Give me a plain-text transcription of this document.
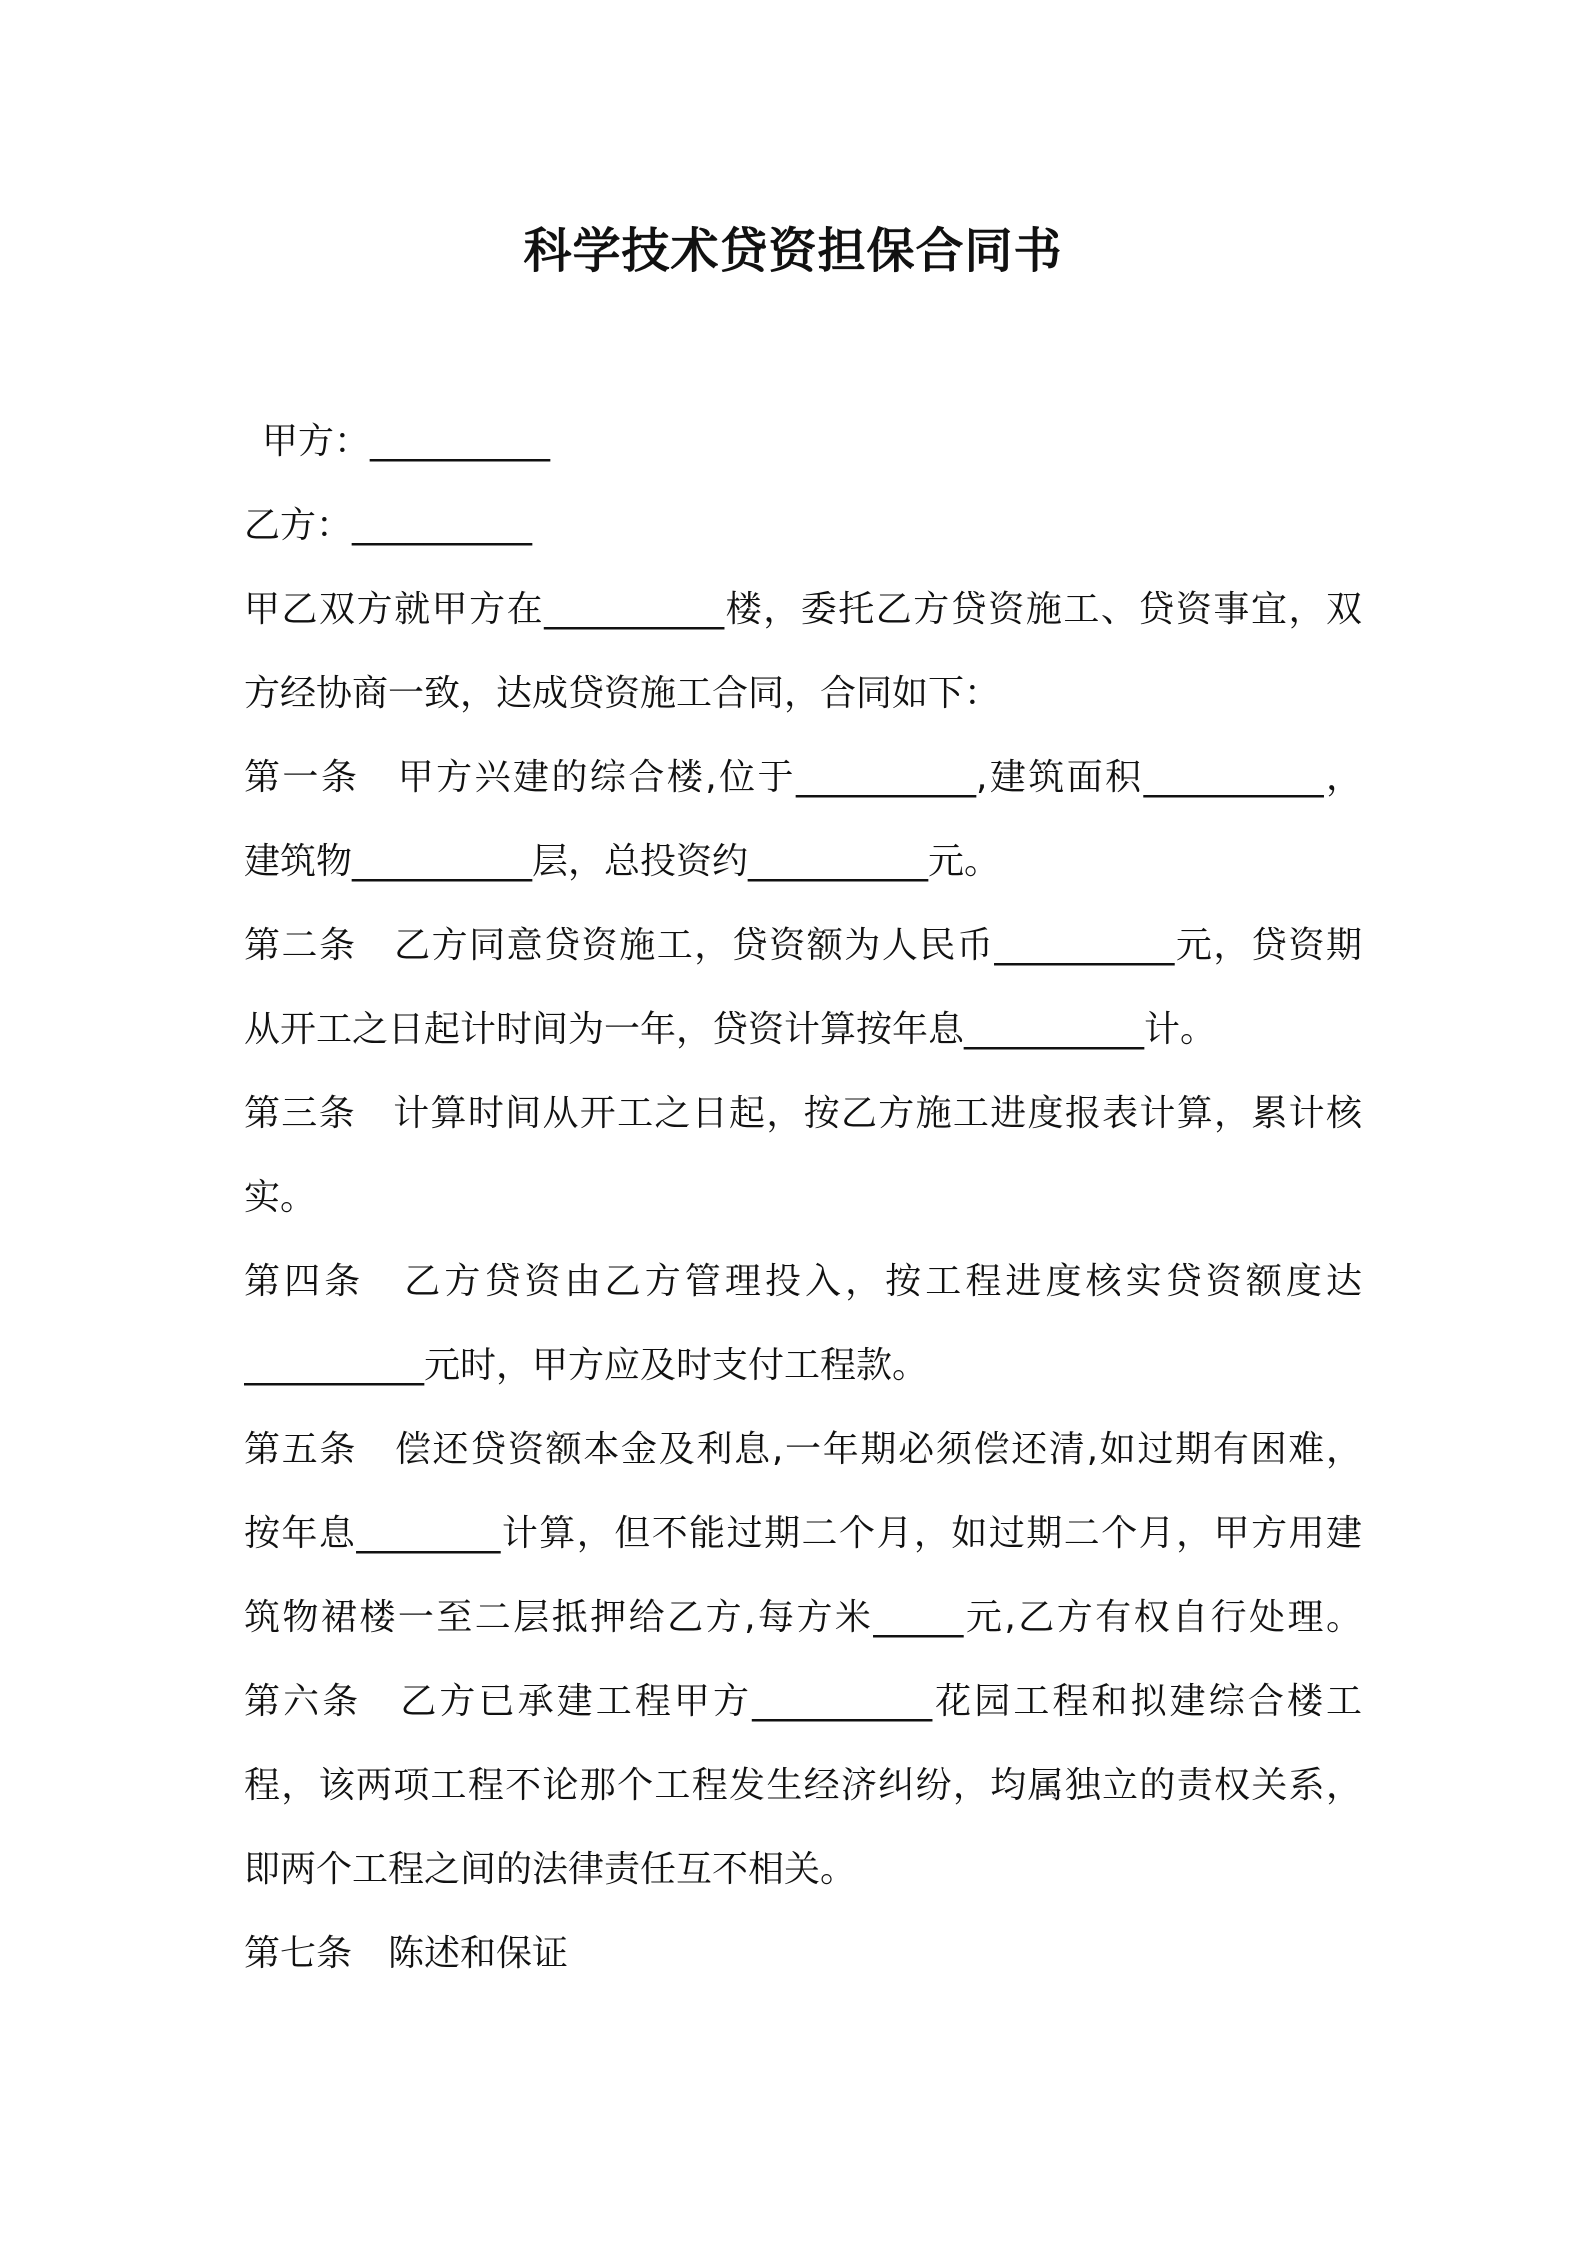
科学技术贷资担保合同书
甲方：__________
乙方：__________
甲乙双方就甲方在__________楼，委托乙方贷资施工、贷资事宜，双
方经协商一致，达成贷资施工合同，合同如下：
第一条　甲方兴建的综合楼,位于__________,建筑面积__________，
建筑物__________层，总投资约__________元。
第二条　乙方同意贷资施工，贷资额为人民币__________元，贷资期
从开工之日起计时间为一年，贷资计算按年息__________计。
第三条　计算时间从开工之日起，按乙方施工进度报表计算，累计核
实。
第四条　乙方贷资由乙方管理投入，按工程进度核实贷资额度达
__________元时，甲方应及时支付工程款。
第五条　偿还贷资额本金及利息,一年期必须偿还清,如过期有困难，
按年息________计算，但不能过期二个月，如过期二个月，甲方用建
筑物裙楼一至二层抵押给乙方,每方米_____元,乙方有权自行处理。
第六条　乙方已承建工程甲方__________花园工程和拟建综合楼工
程，该两项工程不论那个工程发生经济纠纷，均属独立的责权关系，
即两个工程之间的法律责任互不相关。
第七条　陈述和保证
